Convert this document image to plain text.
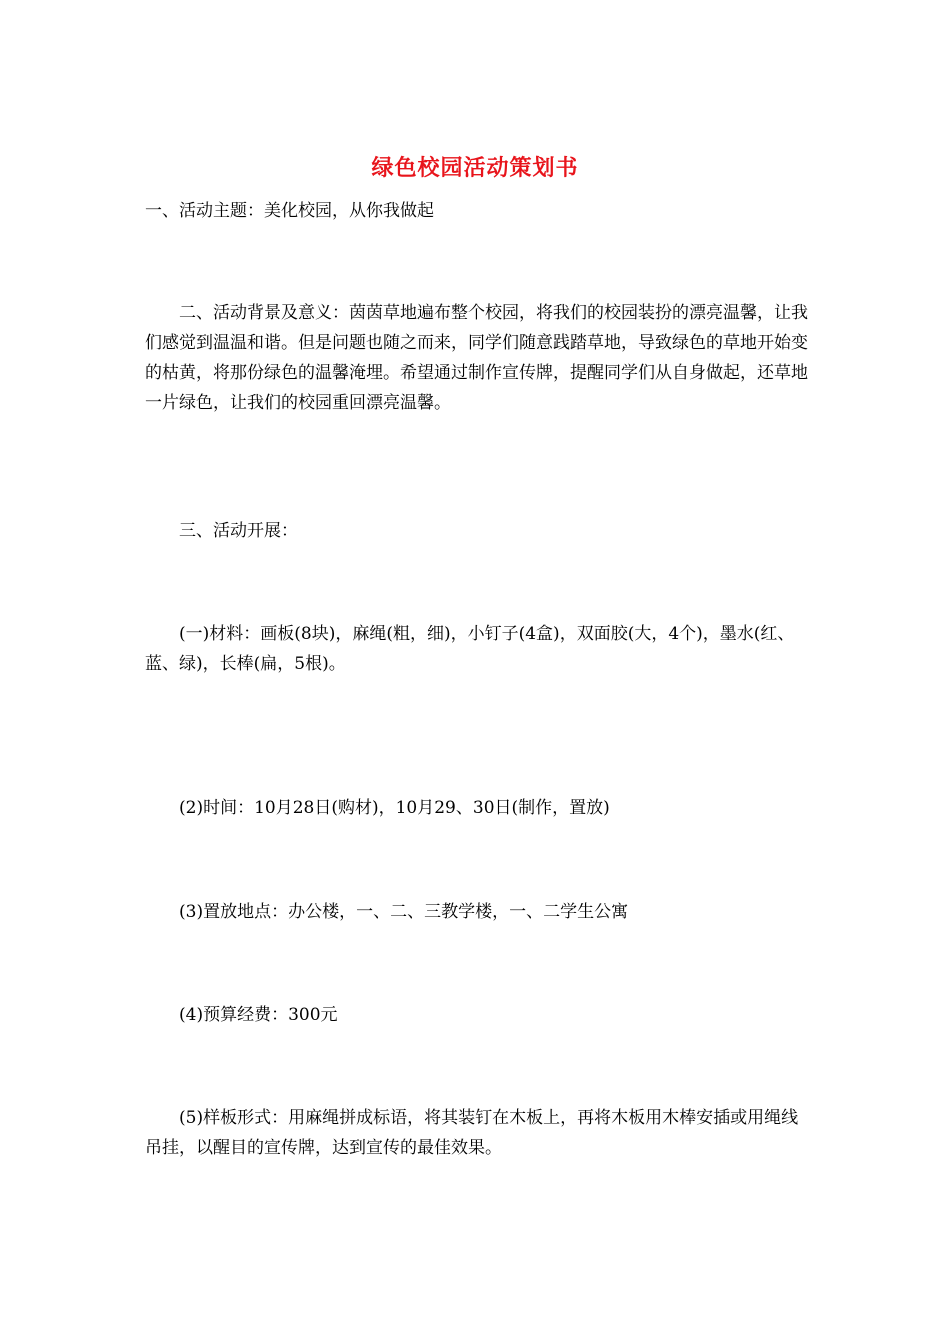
绿色校园活动策划书

一、活动主题：美化校园，从你我做起

二、活动背景及意义：茵茵草地遍布整个校园，将我们的校园装扮的漂亮温馨，让我们感觉到温温和谐。但是问题也随之而来，同学们随意践踏草地，导致绿色的草地开始变的枯黄，将那份绿色的温馨淹埋。希望通过制作宣传牌，提醒同学们从自身做起，还草地一片绿色，让我们的校园重回漂亮温馨。

三、活动开展：

(一)材料：画板(8块)，麻绳(粗，细)，小钉子(4盒)，双面胶(大，4个)，墨水(红、蓝、绿)，长棒(扁，5根)。

(2)时间：10月28日(购材)，10月29、30日(制作，置放)

(3)置放地点：办公楼，一、二、三教学楼，一、二学生公寓

(4)预算经费：300元

(5)样板形式：用麻绳拼成标语，将其装钉在木板上，再将木板用木棒安插或用绳线吊挂，以醒目的宣传牌，达到宣传的最佳效果。
